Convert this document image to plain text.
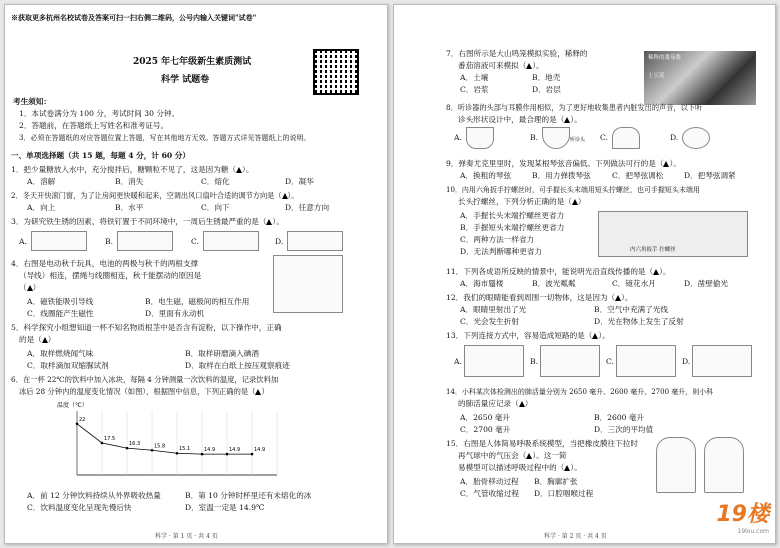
※获取更多杭州名校试卷及答案可扫一扫右侧二维码，公号内输入关键词"试卷"
2025 年七年级新生素质测试
科学 试题卷
考生须知：
1．本试卷满分为 100 分，考试时间 30 分钟。
2．答题前，在答题纸上写姓名和准考证号。
3．必须在答题纸的对应答题位置上答题，写在其他地方无效。答题方式详见答题纸上的说明。
一、单项选择题（共 15 题，每题 4 分，计 60 分）
1．把少量糖放入水中，充分搅拌后，糖颗粒不见了，这是因为糖（ ）。
A．溶解	B．消失	C．熔化	D．凝华
2．冬天开快滚门窗，为了让房间更快暖和起来，空调出风口扇叶合适的调节方向是（ ）。
A．向上	B．水平	C．向下	D．任意方向
3．为研究铁生锈的因素，将铁钉置于不同环境中，一周后生锈最严重的是（ ）。
A.	B.	C.	D.
4．右图是电动秋千玩具，电池的两极与秋千的两根支撑
（导线）相连，摆绳与线圈相连，秋千能摆动的原因是
（ ）
A．磁铁能吸引导线	B．电生磁，磁极间的相互作用
C．线圈能产生磁性	D．里面有永动机
5．科学探究小组想知道一杯不知名物质根茎中是否含有淀粉，以下操作中，正确
的是（ ）
A．取样燃烧闻气味	B．取样研磨滴入碘酒
C．取样滴加双缩脲试剂	D．取样在白纸上按压观察痕迹
6．在一杯 22℃的饮料中加入冰块，每隔 4 分钟测量一次饮料的温度，记录饮料加
冰后 28 分钟内的温度变化情况（如图），根据图中信息，下列正确的是（ ）
温度（℃）
22
17.5
16.3	15.8	15.1	14.9	14.9	14.9
A．前 12 分钟饮料持续从外界吸收热量	B．第 10 分钟时杯里还有未熔化的冰
C．饮料温度变化呈现先慢后快	D．室温一定是 14.9℃
科学 · 第 1 页 · 共 4 页
7．右图所示是大山鸣笼模拟实验，稀释的
番茄溶液可来模拟（ ）。
稀释的番茄酱
土豆泥
A．土壤	B．地壳
C．岩浆	D．岩层
8．听诊器的头部与耳膜作用相似，为了更好地收集患者内脏发出的声音，以下听
诊头形状设计中，最合理的是（ ）。
A.	B.	C.	D.
听诊头
9．弹奏尤克里里时，发现某根琴弦音偏低。下列做法可行的是（ ）。
A．换粗的琴弦	B．用力弹拨琴弦	C．把琴弦调松	D．把琴弦调紧
10．内用六角扳手拧螺丝时，可手握长头末端用短头拧螺丝，也可手握短头末端用
长头拧螺丝，下列分析正确的是（ ）
A．手握长头末端拧螺丝更省力
B．手握短头末端拧螺丝更省力
C．两种方法一样省力
D．无法判断哪种更省力	内六角扳手 拧螺丝
11．下列各成语所反映的情景中，能说明光沿直线传播的是（ ）。
A．海市蜃楼	B．波光粼粼	C．镜花水月	D．凿壁偷光
12．我们的眼睛能看到周围一切物体，这是因为（ ）。
A．眼睛里射出了光	B．空气中充满了光线
C．光会发生折射	D．光在物体上发生了反射
13．下列连接方式中，容易造成短路的是（ ）。
A.	B.	C.	D.
14．小科某次体检测出的肺活量分别为 2650 毫升、2600 毫升、2700 毫升，则小科
的肺活量应记录（ ）
A．2650 毫升	B．2600 毫升
C．2700 毫升	D．三次的平均值
15．右图是人体简易呼吸系统模型，当把橡皮膜往下拉时
再气球中的气压会（ ）。这一简
易模型可以描述呼吸过程中的（ ）。
A．胎骨移动过程 B．胸廓扩张
C．气管收缩过程 D．口腔咽喉过程
科学 · 第 2 页 · 共 4 页
19楼
19lou.com
